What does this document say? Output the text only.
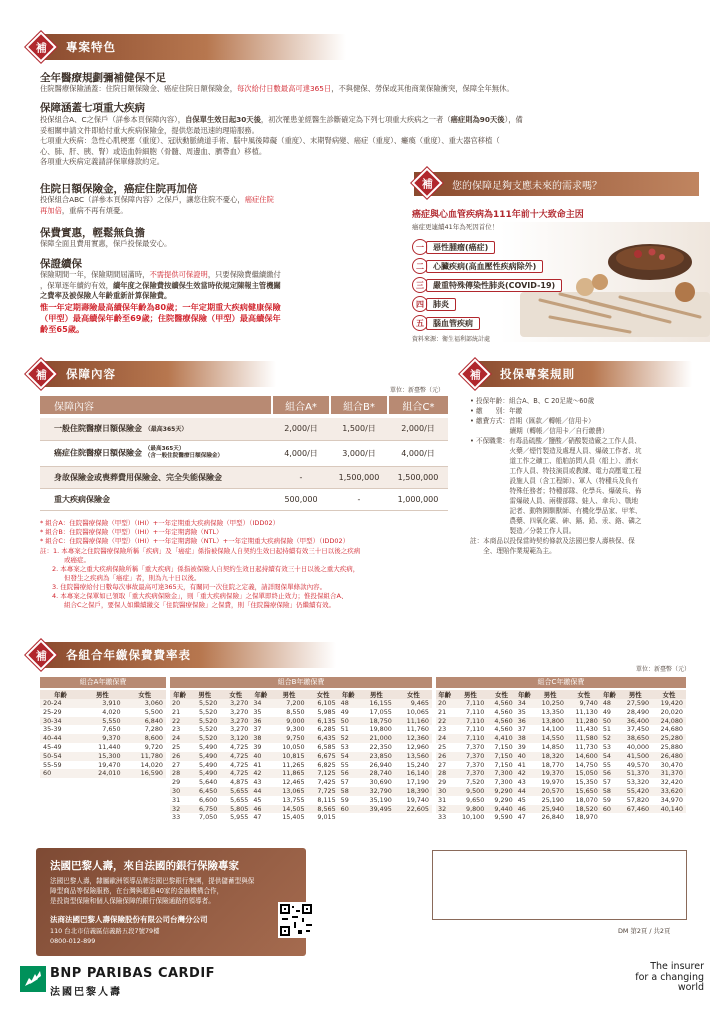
補 專案特色
全年醫療規劃彌補健保不足
住院醫療保險涵蓋：住院日額保險金、癌症住院日額保險金，每次給付日數最高可達365日，不與健保、勞保或其他商業保險衝突，保障全年無休。
保障涵蓋七項重大疾病
投保組合A、C之保戶（詳參本頁保障內容），自保單生效日起30天後，初次罹患並經醫生診斷確定為下列七項重大疾病之一者（癌症則為90天後），備
妥相關申請文件即給付重大疾病保險金，提供您最迅速的理賠服務。
七項重大疾病：急性心肌梗塞（重度）、冠狀動脈繞道手術、腦中風後障礙（重度）、末期腎病變、癌症（重度）、癱瘓（重度）、重大器官移植（
心、肺、肝、胰、腎）或造血幹細胞（骨髓、周邊血、臍帶血）移植。
各項重大疾病定義請詳保單條款約定。
住院日額保險金，癌症住院再加倍
投保組合ABC（詳參本頁保障內容）之保戶，讓您住院不憂心，癌症住院
再加倍，重病不再有煩憂。
保費實惠，輕鬆無負擔
保障全面且費用實惠，保戶投保最安心。
保證續保
保險期間一年，保險期間屆滿時，不需提供可保證明，只要保險費繼續繳付
，保單逐年續約有效，續年度之保險費按續保生效當時依規定陳報主管機關
之費率及被保險人年齡重新計算保險費。
惟一年定期壽險最高續保年齡為80歲；一年定期重大疾病健康保險
（甲型）最高續保年齡至69歲；住院醫療保險（甲型）最高續保年
齡至65歲。
補 您的保障足夠支應未來的需求嗎？
癌症與心血管疾病為111年前十大致命主因
癌症更連續41年為死因首位！
一	惡性腫瘤(癌症)
二	心臟疾病(高血壓性疾病除外)
三	嚴重特殊傳染性肺炎(COVID-19)
四	肺炎
五	腦血管疾病
資料來源：衛生福利部統計處
補 保障內容
單位：新臺幣（元）
保障內容	組合A*	組合B*	組合C*

一般住院醫療日額保險金 （最高365天）	2,000/日	1,500/日	2,000/日
癌症住院醫療日額保險金 （最高365天）
（含一般住院醫療日額保險金）	4,000/日	3,000/日	4,000/日
身故保險金或喪葬費用保險金、完全失能保險金	-	1,500,000	1,500,000
重大疾病保險金	500,000	-	1,000,000
* 組合A：住院醫療保險（甲型）（IHI）+一年定期重大疾病保險（甲型）（IDD02）
* 組合B：住院醫療保險（甲型）（IHI）+一年定期壽險（NTL）
* 組合C：住院醫療保險（甲型）（IHI）+一年定期壽險（NTL）+一年定期重大疾病保險（甲型）（IDD02）
註：1. 本專案之住院醫療保險所稱「疾病」及「癌症」係指被保險人自契約生效日起持續有效三十日以後之疾病
或癌症。
2. 本專案之重大疾病保險所稱「重大疾病」係指被保險人自契約生效日起持續有效三十日以後之重大疾病，
但發生之疾病為「癌症」者，則為九十日以後。
3. 住院醫療給付日數每次事故最高可達365天，有關同一次住院之定義，請詳閱保單條款內容。
4. 本專案之保單如已領取「重大疾病保險金」，則「重大疾病保險」之保單即終止效力；惟投保組合A、
組合C之保戶，要保人如繼續繳交「住院醫療保險」之保費，則「住院醫療保險」仍繼續有效。
補 投保專案規則
• 投保年齡：組合A、B、C 20足歲～60歲
• 繳　　別：年繳
• 繳費方式：首期（匯款／轉帳／信用卡）
　　　　　　續期（轉帳／信用卡／自行繳費）
• 不保職業：有毒品硫酸／鹽酸／硝酸製造廠之工作人員、
　　　　　　火藥／煙竹製造及處理人員、爆破工作者、坑
　　　　　　道工作之礦工、船舶訪問人員（船上）、潛水
　　　　　　工作人員、特技演員或教練、電力高壓電工程
　　　　　　設施人員（含工程師）、軍人（特種兵及負有
　　　　　　特殊任務者；特種部隊、化學兵、爆破兵、佈
　　　　　　雷爆破人員、兩棲部隊、蛙人、傘兵）、戰地
　　　　　　記者、動物園馴獸師、有機化學品家、甲苯、
　　　　　　農藥、四氧化碳、砷、鎘、鉛、汞、鉻、磷之
　　　　　　製造／分裝工作人員。
註：本商品以投保當時契約條款及法國巴黎人壽核保、保
　　全、理賠作業規範為主。
補 各組合年繳保費費率表
單位：新臺幣（元）
組合A年繳保費
年齡	男性	女性
20-24	3,910	3,060
25-29	4,020	5,500
30-34	5,550	6,840
35-39	7,650	7,280
40-44	9,370	8,600
45-49	11,440	9,720
50-54	15,300	11,780
55-59	19,470	14,020
60	24,010	16,590
組合B年繳保費
年齡	男性	女性	年齡	男性	女性	年齡	男性	女性
20	5,520	3,270	34	7,200	6,105	48	16,155	9,465
21	5,520	3,270	35	8,550	5,985	49	17,055	10,065
22	5,520	3,270	36	9,000	6,135	50	18,750	11,160
23	5,520	3,270	37	9,300	6,285	51	19,800	11,760
24	5,520	3,120	38	9,750	6,435	52	21,000	12,360
25	5,490	4,725	39	10,050	6,585	53	22,350	12,960
26	5,490	4,725	40	10,815	6,675	54	23,850	13,560
27	5,490	4,725	41	11,265	6,825	55	26,940	15,240
28	5,490	4,725	42	11,865	7,125	56	28,740	16,140
29	5,640	4,875	43	12,465	7,425	57	30,690	17,190
30	6,450	5,655	44	13,065	7,725	58	32,790	18,390
31	6,600	5,655	45	13,755	8,115	59	35,190	19,740
32	6,750	5,805	46	14,505	8,565	60	39,495	22,605
33	7,050	5,955	47	15,405	9,015			
組合C年繳保費
年齡	男性	女性	年齡	男性	女性	年齡	男性	女性
20	7,110	4,560	34	10,250	9,740	48	27,590	19,420
21	7,110	4,560	35	13,350	11,130	49	28,490	20,020
22	7,110	4,560	36	13,800	11,280	50	36,400	24,080
23	7,110	4,560	37	14,100	11,430	51	37,450	24,680
24	7,110	4,410	38	14,550	11,580	52	38,650	25,280
25	7,370	7,150	39	14,850	11,730	53	40,000	25,880
26	7,370	7,150	40	18,320	14,600	54	41,500	26,480
27	7,370	7,150	41	18,770	14,750	55	49,570	30,470
28	7,370	7,300	42	19,370	15,050	56	51,370	31,370
29	7,520	7,300	43	19,970	15,350	57	53,320	32,420
30	9,500	9,290	44	20,570	15,650	58	55,420	33,620
31	9,650	9,290	45	25,190	18,070	59	57,820	34,970
32	9,800	9,440	46	25,940	18,520	60	67,460	40,140
33	10,100	9,590	47	26,840	18,970			
法國巴黎人壽，來自法國的銀行保險專家
法國巴黎人壽，隸屬歐洲領導品牌法國巴黎銀行集團，提供儲蓄型與保
障型商品等保險服務，在台灣與超過40家的金融機構合作，
是投資型保險和個人保險保障的銀行保險通路的領導者。
法商法國巴黎人壽保險股份有限公司台灣分公司
110 台北市信義區信義路五段7號79樓
0800-012-899
DM 第2頁 / 共2頁
BNP PARIBAS CARDIF
法國巴黎人壽
The insurer
for a changing
world
